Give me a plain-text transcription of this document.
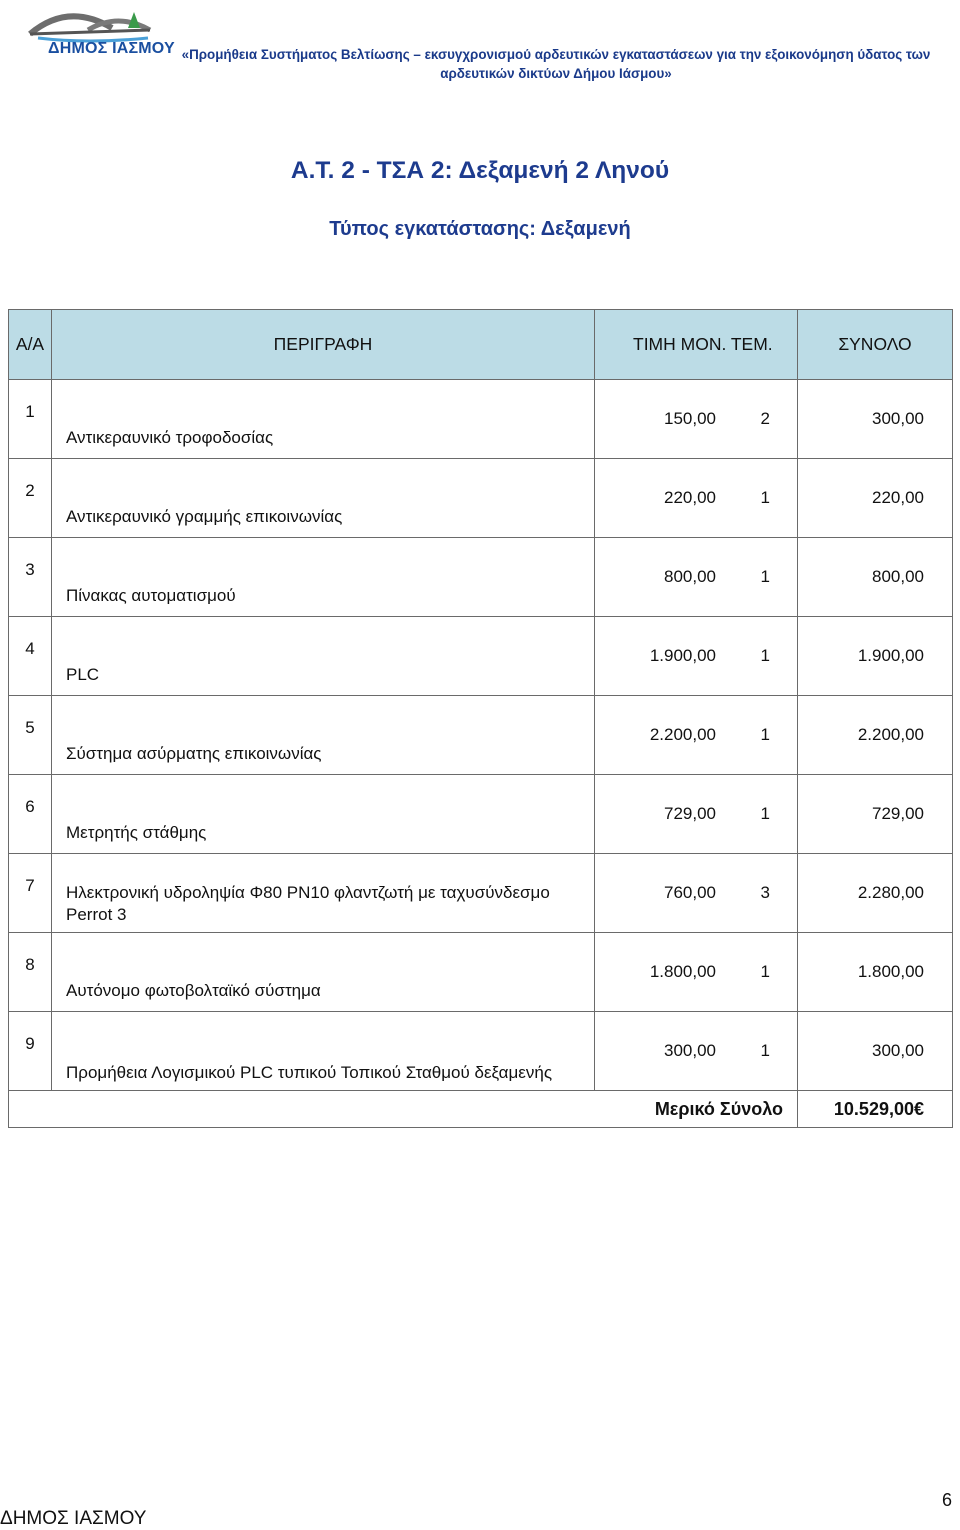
ΔΗΜΟΣ ΙΑΣΜΟΥ «Προμήθεια Συστήματος Βελτίωσης – εκσυγχρονισμού αρδευτικών εγκαταστάσεων για την εξοικονόμηση ύδατος των αρδευτικών δικτύων Δήμου Ιάσμου»
Α.Τ. 2 - ΤΣΑ 2: Δεξαμενή 2 Ληνού
Τύπος εγκατάστασης: Δεξαμενή
Α/Α	ΠΕΡΙΓΡΑΦΗ	ΤΙΜΗ ΜΟΝ. ΤΕΜ.	ΣΥΝΟΛΟ
1	Αντικεραυνικό τροφοδοσίας	150,00 2	300,00
2	Αντικεραυνικό γραμμής επικοινωνίας	220,00 1	220,00
3	Πίνακας αυτοματισμού	800,00 1	800,00
4	PLC	1.900,00 1	1.900,00
5	Σύστημα ασύρματης επικοινωνίας	2.200,00 1	2.200,00
6	Μετρητής στάθμης	729,00 1	729,00
7	Ηλεκτρονική υδροληψία Φ80 PN10 φλαντζωτή με ταχυσύνδεσμο Perrot 3	760,00 3	2.280,00
8	Αυτόνομο φωτοβολταϊκό σύστημα	1.800,00 1	1.800,00
9	Προμήθεια Λογισμικού PLC τυπικού Τοπικού Σταθμού δεξαμενής	300,00 1	300,00
Μερικό Σύνολο			10.529,00€
ΔΗΜΟΣ ΙΑΣΜΟΥ
6
